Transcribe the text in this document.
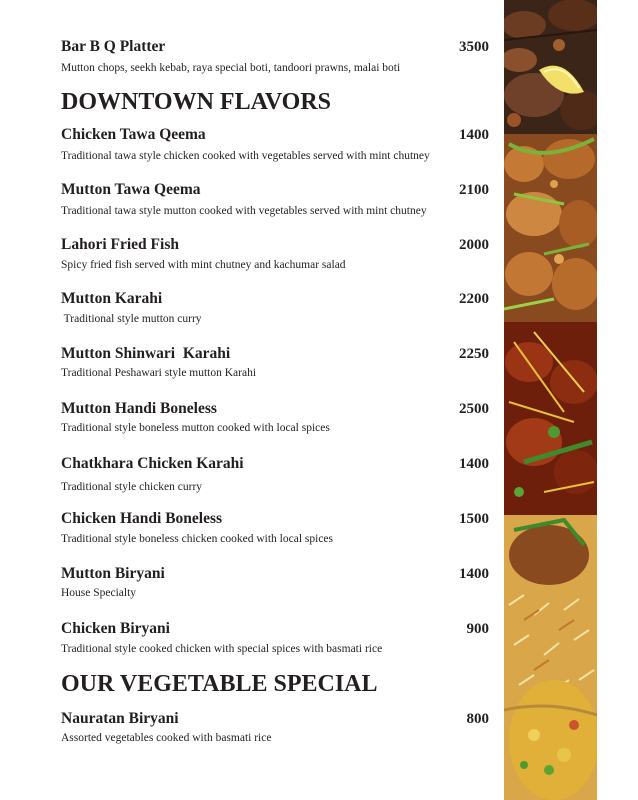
Bar B Q Platter	3500
Mutton chops, seekh kebab, raya special boti, tandoori prawns, malai boti
DOWNTOWN FLAVORS
Chicken Tawa Qeema	1400
Traditional tawa style chicken cooked with vegetables served with mint chutney
Mutton Tawa Qeema	2100
Traditional tawa style mutton cooked with vegetables served with mint chutney
Lahori Fried Fish	2000
Spicy fried fish served with mint chutney and kachumar salad
Mutton Karahi	2200
Traditional style mutton curry
Mutton Shinwari  Karahi	2250
Traditional Peshawari style mutton Karahi
Mutton Handi Boneless	2500
Traditional style boneless mutton cooked with local spices
Chatkhara Chicken Karahi	1400
Traditional style chicken curry
Chicken Handi Boneless	1500
Traditional style boneless chicken cooked with local spices
Mutton Biryani	1400
House Specialty
Chicken Biryani	900
Traditional style cooked chicken with special spices with basmati rice
OUR VEGETABLE SPECIAL
Nauratan Biryani	800
Assorted vegetables cooked with basmati rice
